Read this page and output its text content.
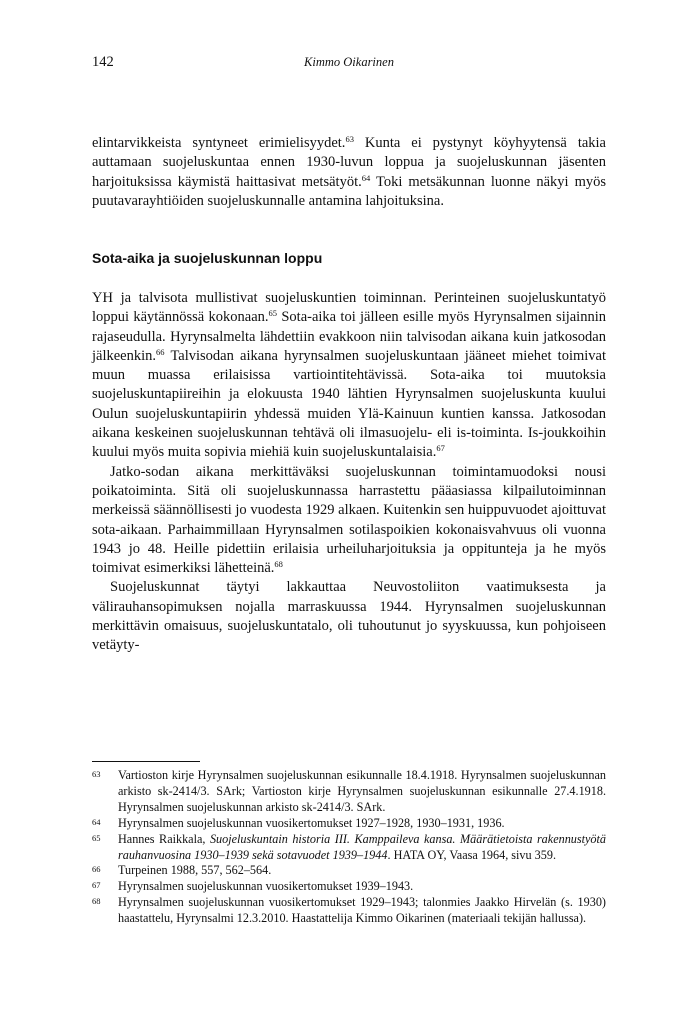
142	Kimmo Oikarinen

elintarvikkeista syntyneet erimielisyydet.$^{63}$ Kunta ei pystynyt köyhyytensä takia auttamaan suojeluskuntaa ennen 1930-luvun loppua ja suojeluskunnan jäsenten harjoituksissa käymistä haittasivat metsätyöt.$^{64}$ Toki metsäkunnan luonne näkyi myös puutavarayhtiöiden suojeluskunnalle antamina lahjoituksina.

Sota-aika ja suojeluskunnan loppu

YH ja talvisota mullistivat suojeluskuntien toiminnan. Perinteinen suojeluskuntatyö loppui käytännössä kokonaan.$^{65}$ Sota-aika toi jälleen esille myös Hyrynsalmen sijainnin rajaseudulla. Hyrynsalmelta lähdettiin evakkoon niin talvisodan aikana kuin jatkosodan jälkeenkin.$^{66}$ Talvisodan aikana hyrynsalmen suojeluskuntaan jääneet miehet toimivat muun muassa erilaisissa vartiointitehtävissä. Sota-aika toi muutoksia suojeluskuntapiireihin ja elokuusta 1940 lähtien Hyrynsalmen suojeluskunta kuului Oulun suojeluskuntapiirin yhdessä muiden Ylä-Kainuun kuntien kanssa. Jatkosodan aikana keskeinen suojeluskunnan tehtävä oli ilmasuojelu- eli is-toiminta. Is-joukkoihin kuului myös muita sopivia miehiä kuin suojeluskuntalaisia.$^{67}$

Jatko-sodan aikana merkittäväksi suojeluskunnan toimintamuodoksi nousi poikatoiminta. Sitä oli suojeluskunnassa harrastettu pääasiassa kilpailutoiminnan merkeissä säännöllisesti jo vuodesta 1929 alkaen. Kuitenkin sen huippuvuodet ajoittuvat sota-aikaan. Parhaimmillaan Hyrynsalmen sotilaspoikien kokonaisvahvuus oli vuonna 1943 jo 48. Heille pidettiin erilaisia urheiluharjoituksia ja oppitunteja ja he myös toimivat esimerkiksi lähetteinä.$^{68}$

Suojeluskunnat täytyi lakkauttaa Neuvostoliiton vaatimuksesta ja välirauhansopimuksen nojalla marraskuussa 1944. Hyrynsalmen suojeluskunnan merkittävin omaisuus, suojeluskuntatalo, oli tuhoutunut jo syyskuussa, kun pohjoiseen vetäyty-

63 Vartioston kirje Hyrynsalmen suojeluskunnan esikunnalle 18.4.1918. Hyrynsalmen suojeluskunnan arkisto sk-2414/3. SArk; Vartioston kirje Hyrynsalmen suojeluskunnan esikunnalle 27.4.1918. Hyrynsalmen suojeluskunnan arkisto sk-2414/3. SArk.
64 Hyrynsalmen suojeluskunnan vuosikertomukset 1927–1928, 1930–1931, 1936.
65 Hannes Raikkala, Suojeluskuntain historia III. Kamppaileva kansa. Määrätietoista rakennustyötä rauhanvuosina 1930–1939 sekä sotavuodet 1939–1944. HATA OY, Vaasa 1964, sivu 359.
66 Turpeinen 1988, 557, 562–564.
67 Hyrynsalmen suojeluskunnan vuosikertomukset 1939–1943.
68 Hyrynsalmen suojeluskunnan vuosikertomukset 1929–1943; talonmies Jaakko Hirvelän (s. 1930) haastattelu, Hyrynsalmi 12.3.2010. Haastattelija Kimmo Oikarinen (materiaali tekijän hallussa).
